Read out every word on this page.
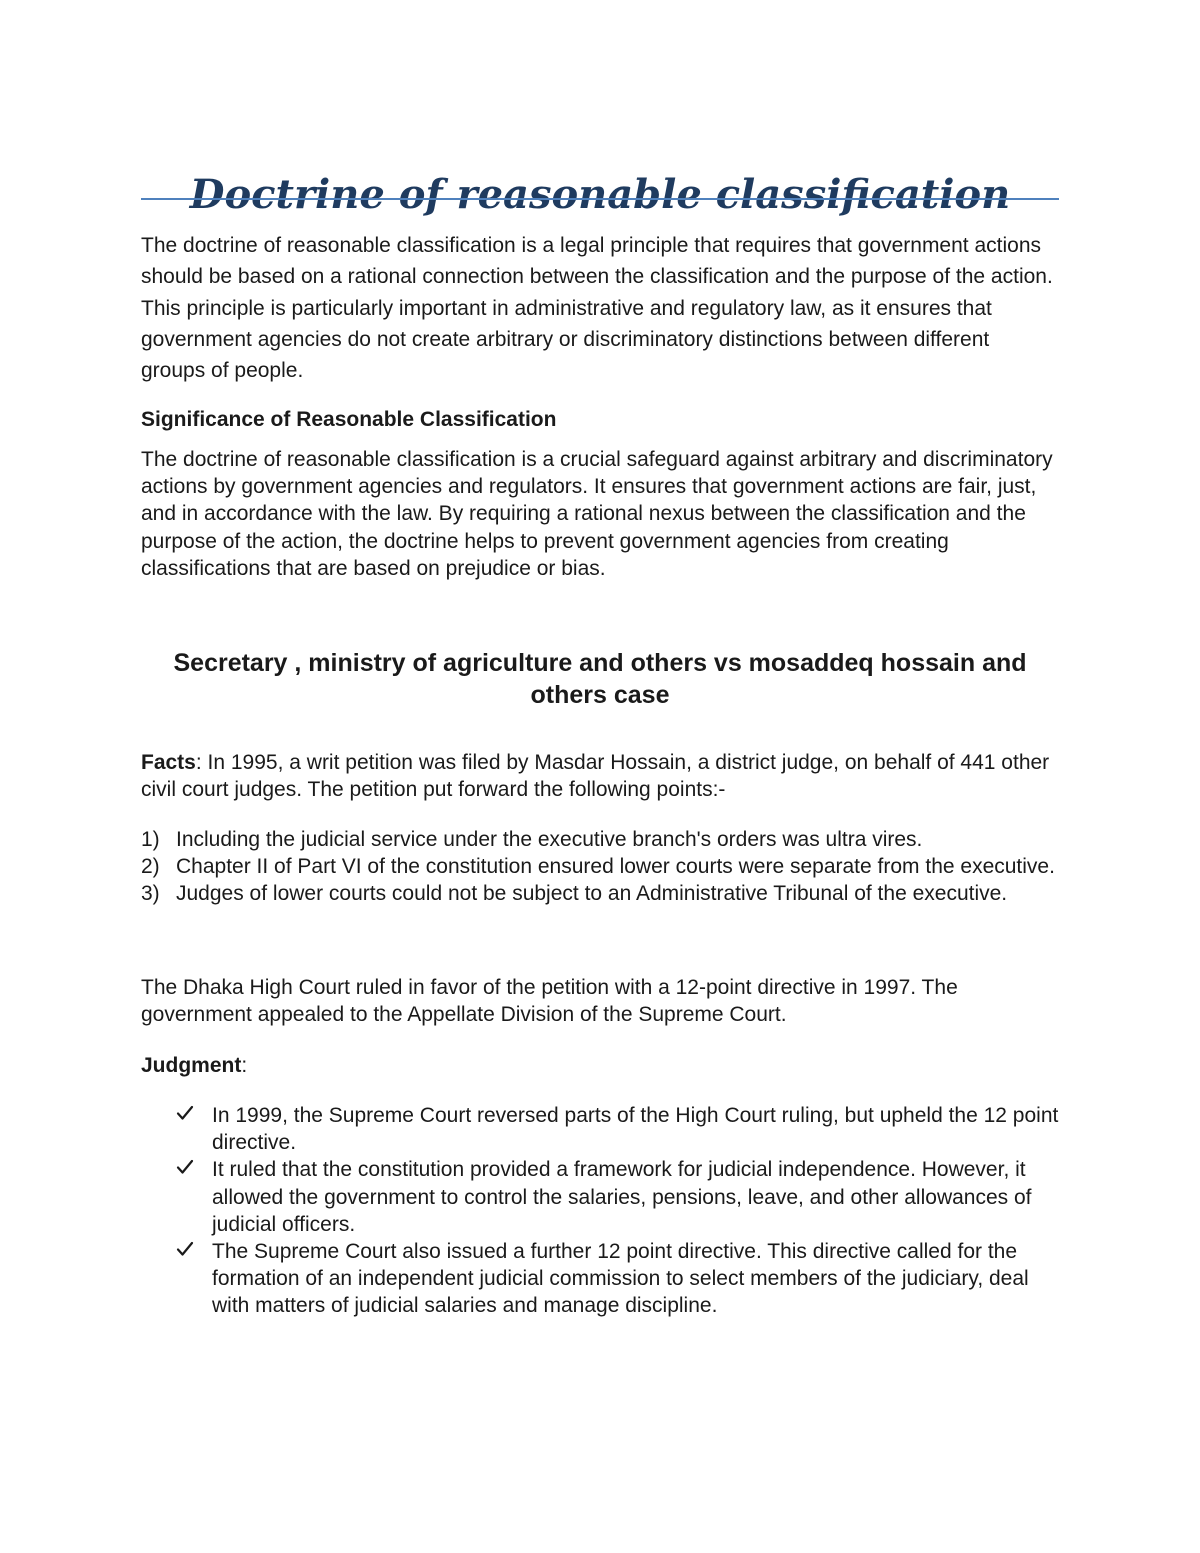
Doctrine of reasonable classification

The doctrine of reasonable classification is a legal principle that requires that government actions should be based on a rational connection between the classification and the purpose of the action. This principle is particularly important in administrative and regulatory law, as it ensures that government agencies do not create arbitrary or discriminatory distinctions between different groups of people.

Significance of Reasonable Classification

The doctrine of reasonable classification is a crucial safeguard against arbitrary and discriminatory actions by government agencies and regulators. It ensures that government actions are fair, just, and in accordance with the law. By requiring a rational nexus between the classification and the purpose of the action, the doctrine helps to prevent government agencies from creating classifications that are based on prejudice or bias.

Secretary , ministry of agriculture and others vs mosaddeq hossain and others case

Facts: In 1995, a writ petition was filed by Masdar Hossain, a district judge, on behalf of 441 other civil court judges. The petition put forward the following points:-

1) Including the judicial service under the executive branch's orders was ultra vires.
2) Chapter II of Part VI of the constitution ensured lower courts were separate from the executive.
3) Judges of lower courts could not be subject to an Administrative Tribunal of the executive.

The Dhaka High Court ruled in favor of the petition with a 12-point directive in 1997. The government appealed to the Appellate Division of the Supreme Court.

Judgment:

In 1999, the Supreme Court reversed parts of the High Court ruling, but upheld the 12 point directive.
It ruled that the constitution provided a framework for judicial independence. However, it allowed the government to control the salaries, pensions, leave, and other allowances of judicial officers.
The Supreme Court also issued a further 12 point directive. This directive called for the formation of an independent judicial commission to select members of the judiciary, deal with matters of judicial salaries and manage discipline.
